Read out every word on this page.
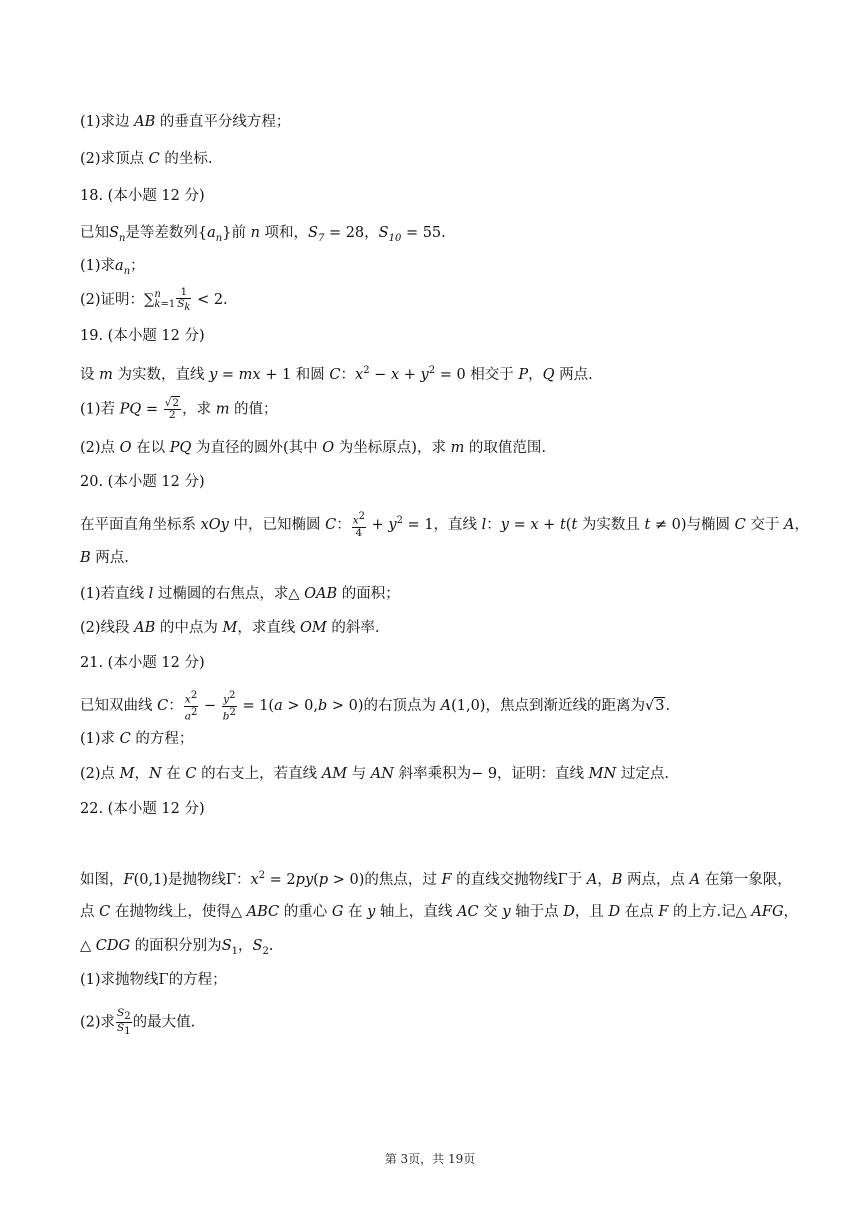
(1)求边 AB 的垂直平分线方程；
(2)求顶点 C 的坐标.
18. (本小题 12 分)
已知$S_n$是等差数列$\{a_n\}$前 n 项和，$S_7 = 28$，$S_{10} = 55$.
(1)求$a_n$；
(2)证明：∑ n
$k=1 \frac{1}{S_k} < 2$.
19. (本小题 12 分)
设 m 为实数，直线 y = mx + 1 和圆 C：$x^2 - x + y^2 = 0$ 相交于 P，Q 两点.
(1)若 PQ = $\frac{√2}{2}$ ，求 m 的值；
(2)点 O 在以 PQ 为直径的圆外(其中 O 为坐标原点)，求 m 的取值范围.
20. (本小题 12 分)
在平面直角坐标系 xOy 中，已知椭圆 C： $\frac{x^2}{4} + y^2 = 1$，直线 l：y = x + t(t 为实数且 t ≠ 0)与椭圆 C 交于 A，
B 两点.
(1)若直线 l 过椭圆的右焦点，求△ OAB 的面积；
(2)线段 AB 的中点为 M，求直线 OM 的斜率.
21. (本小题 12 分)
已知双曲线 C： $\frac{x^2}{a^2} - \frac{y^2}{b^2} = 1(a > 0,b > 0)$的右顶点为 A(1,0)，焦点到渐近线的距离为√3.
(1)求 C 的方程；
(2)点 M，N 在 C 的右支上，若直线 AM 与 AN 斜率乘积为− 9，证明：直线 MN 过定点.
22. (本小题 12 分)
如图，F(0,1)是抛物线Γ：$x^2 = 2py(p > 0)$的焦点，过 F 的直线交抛物线Γ于 A，B 两点，点 A 在第一象限，
点 C 在抛物线上，使得△ ABC 的重心 G 在 y 轴上，直线 AC 交 y 轴于点 D，且 D 在点 F 的上方.记△ AFG，
△ CDG 的面积分别为$S_1$，$S_2$.
(1)求抛物线Γ的方程；
(2)求 $\frac{S_2}{S_1}$ 的最大值.
第 3页，共 19页
